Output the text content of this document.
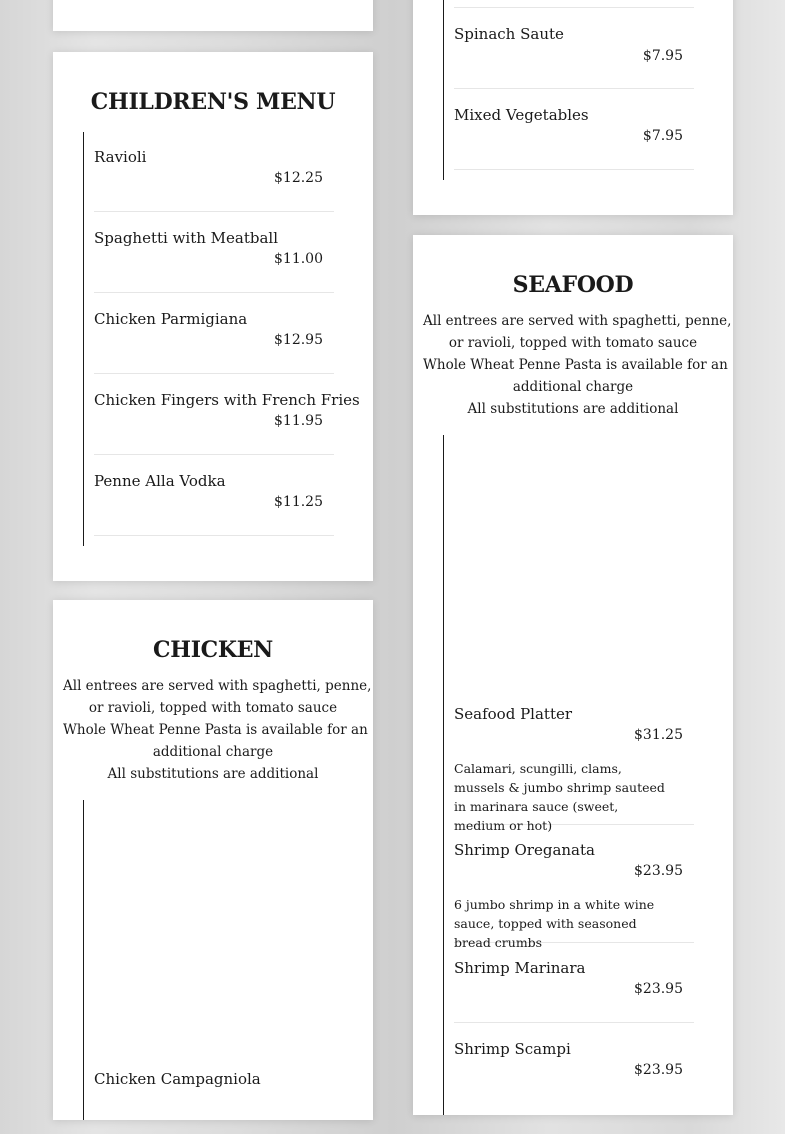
CHILDREN'S MENU
Ravioli
$12.25
Spaghetti with Meatball
$11.00
Chicken Parmigiana
$12.95
Chicken Fingers with French Fries
$11.95
Penne Alla Vodka
$11.25
CHICKEN
All entrees are served with spaghetti, penne,
or ravioli, topped with tomato sauce
Whole Wheat Penne Pasta is available for an
additional charge
All substitutions are additional
Chicken Campagniola
Spinach Saute
$7.95
Mixed Vegetables
$7.95
SEAFOOD
All entrees are served with spaghetti, penne,
or ravioli, topped with tomato sauce
Whole Wheat Penne Pasta is available for an
additional charge
All substitutions are additional
Seafood Platter
$31.25
Calamari, scungilli, clams, mussels & jumbo shrimp sauteed in marinara sauce (sweet, medium or hot)
Shrimp Oreganata
$23.95
6 jumbo shrimp in a white wine sauce, topped with seasoned bread crumbs
Shrimp Marinara
$23.95
Shrimp Scampi
$23.95
